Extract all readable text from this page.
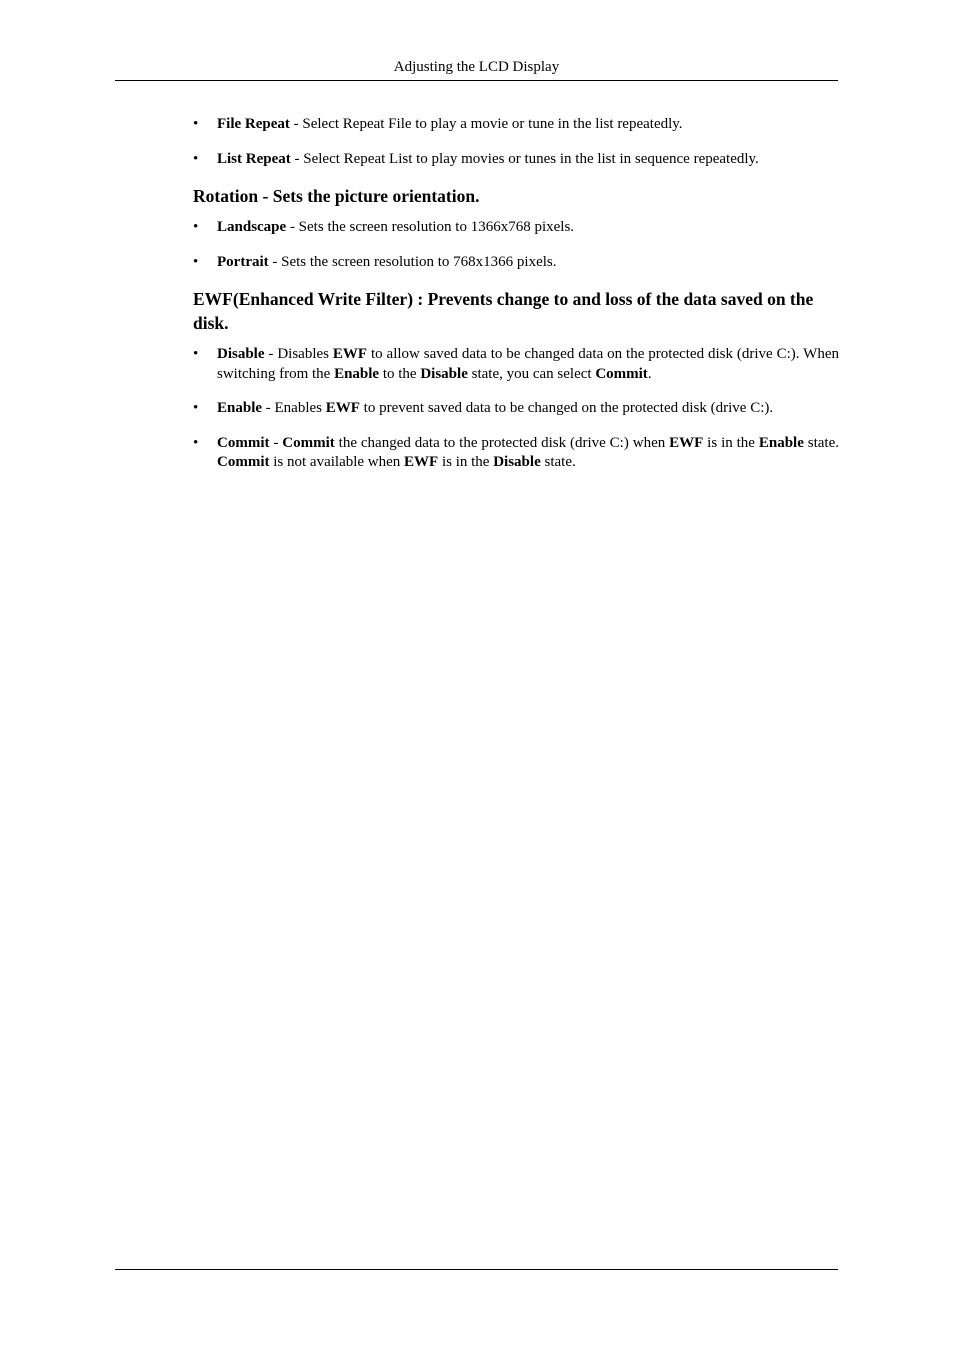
Adjusting the LCD Display
• File Repeat - Select Repeat File to play a movie or tune in the list repeatedly.
• List Repeat - Select Repeat List to play movies or tunes in the list in sequence repeatedly.
Rotation - Sets the picture orientation.
• Landscape - Sets the screen resolution to 1366x768 pixels.
• Portrait - Sets the screen resolution to 768x1366 pixels.
EWF(Enhanced Write Filter) : Prevents change to and loss of the data saved on the disk.
• Disable - Disables EWF to allow saved data to be changed data on the protected disk (drive C:). When switching from the Enable to the Disable state, you can select Commit.
• Enable - Enables EWF to prevent saved data to be changed on the protected disk (drive C:).
• Commit - Commit the changed data to the protected disk (drive C:) when EWF is in the Enable state. Commit is not available when EWF is in the Disable state.
